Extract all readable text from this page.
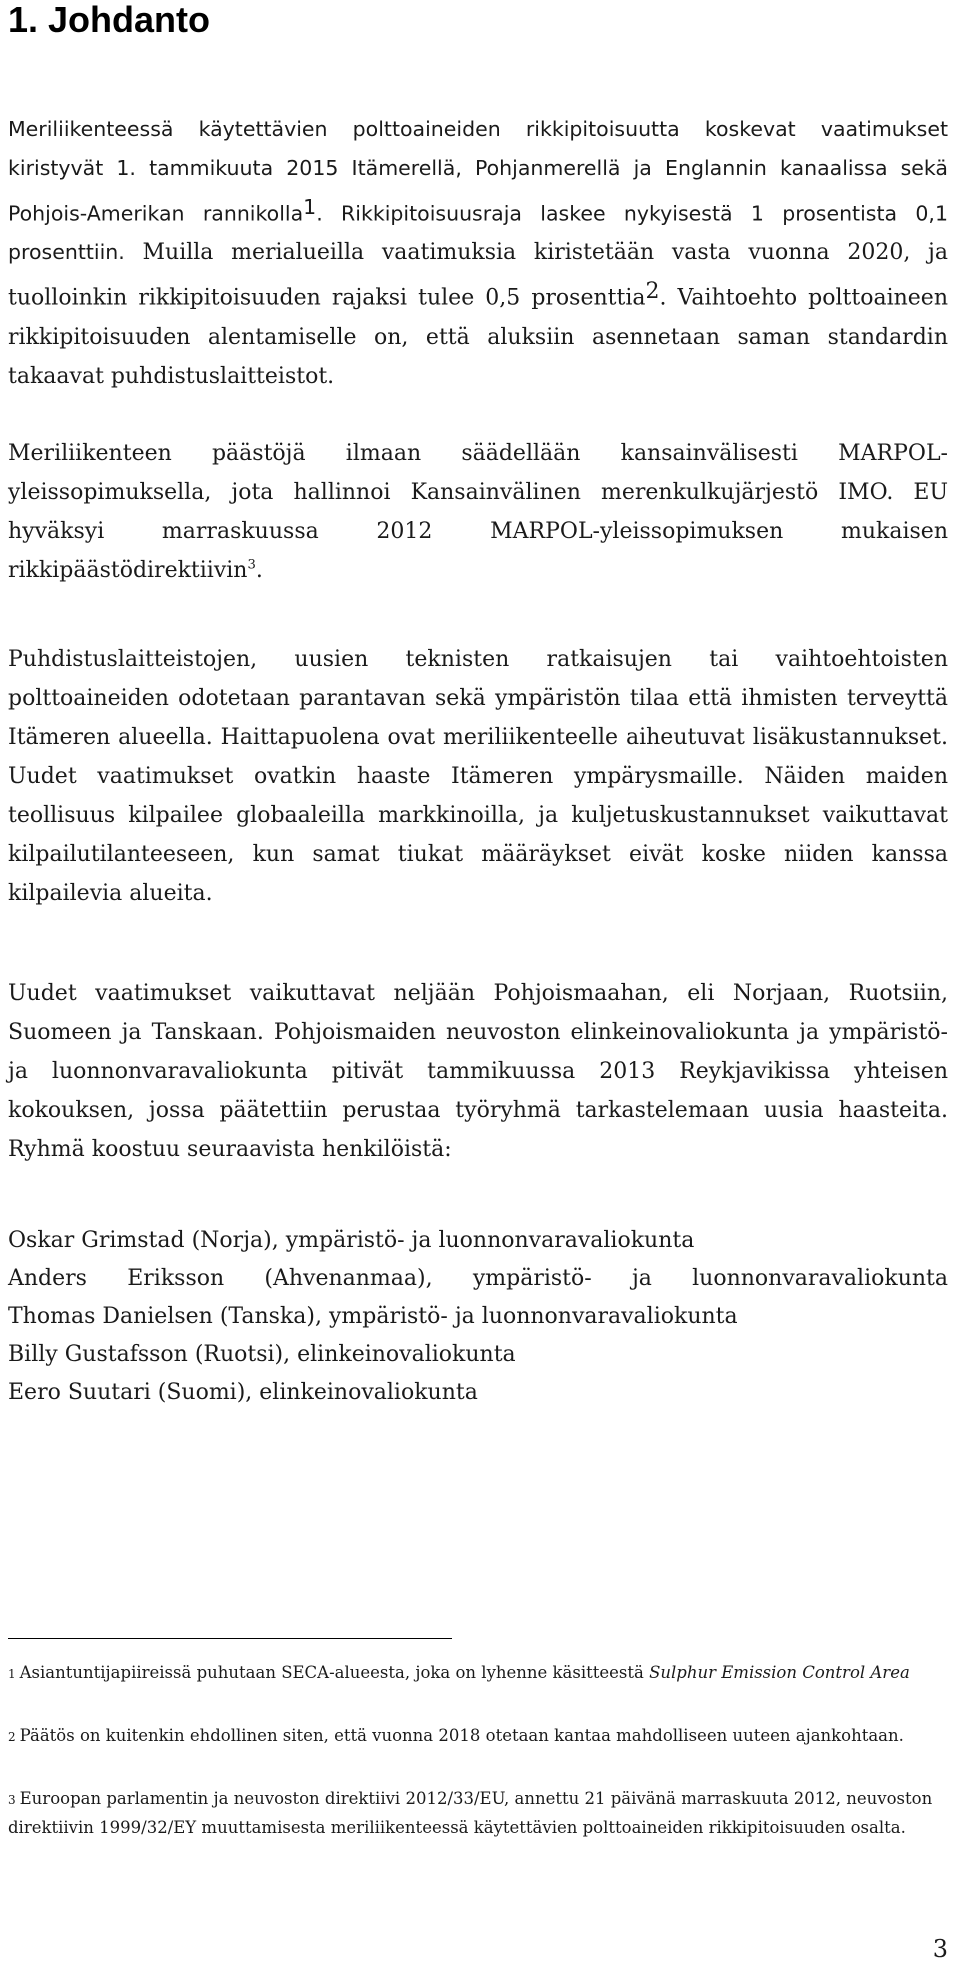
1. Johdanto

Meriliikenteessä käytettävien polttoaineiden rikkipitoisuutta koskevat vaatimukset kiristyvät 1. tammikuuta 2015 Itämerellä, Pohjanmerellä ja Englannin kanaalissa sekä Pohjois-Amerikan rannikolla$^1$. Rikkipitoisuusraja laskee nykyisestä 1 prosentista 0,1 prosenttiin. Muilla merialueilla vaatimuksia kiristetään vasta vuonna 2020, ja tuolloinkin rikkipitoisuuden rajaksi tulee 0,5 prosenttia$^2$. Vaihtoehto polttoaineen rikkipitoisuuden alentamiselle on, että aluksiin asennetaan saman standardin takaavat puhdistuslaitteistot.

Meriliikenteen päästöjä ilmaan säädellään kansainvälisesti MARPOL-yleissopimuksella, jota hallinnoi Kansainvälinen merenkulkujärjestö IMO. EU hyväksyi marraskuussa 2012 MARPOL-yleissopimuksen mukaisen rikkipäästödirektiivin$^3$.

Puhdistuslaitteistojen, uusien teknisten ratkaisujen tai vaihtoehtoisten polttoaineiden odotetaan parantavan sekä ympäristön tilaa että ihmisten terveyttä Itämeren alueella. Haittapuolena ovat meriliikenteelle aiheutuvat lisäkustannukset. Uudet vaatimukset ovatkin haaste Itämeren ympärysmaille. Näiden maiden teollisuus kilpailee globaaleilla markkinoilla, ja kuljetuskustannukset vaikuttavat kilpailutilanteeseen, kun samat tiukat määräykset eivät koske niiden kanssa kilpailevia alueita.

Uudet vaatimukset vaikuttavat neljään Pohjoismaahan, eli Norjaan, Ruotsiin, Suomeen ja Tanskaan. Pohjoismaiden neuvoston elinkeinovaliokunta ja ympäristö- ja luonnonvaravaliokunta pitivät tammikuussa 2013 Reykjavikissa yhteisen kokouksen, jossa päätettiin perustaa työryhmä tarkastelemaan uusia haasteita. Ryhmä koostuu seuraavista henkilöistä:

Oskar Grimstad (Norja), ympäristö- ja luonnonvaravaliokunta
Anders Eriksson (Ahvenanmaa), ympäristö- ja luonnonvaravaliokunta
Thomas Danielsen (Tanska), ympäristö- ja luonnonvaravaliokunta
Billy Gustafsson (Ruotsi), elinkeinovaliokunta
Eero Suutari (Suomi), elinkeinovaliokunta

$^1$ Asiantuntijapiireissä puhutaan SECA-alueesta, joka on lyhenne käsitteestä Sulphur Emission Control Area

$^2$ Päätös on kuitenkin ehdollinen siten, että vuonna 2018 otetaan kantaa mahdolliseen uuteen ajankohtaan.

$^3$ Euroopan parlamentin ja neuvoston direktiivi 2012/33/EU, annettu 21 päivänä marraskuuta 2012, neuvoston direktiivin 1999/32/EY muuttamisesta meriliikenteessä käytettävien polttoaineiden rikkipitoisuuden osalta.

3
